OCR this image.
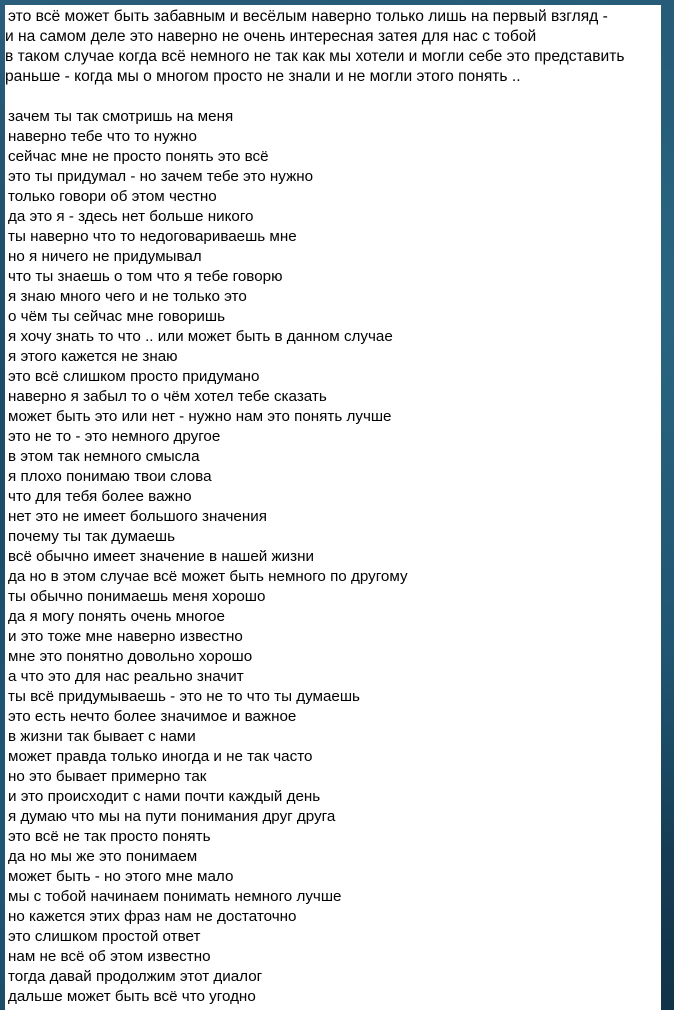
это всё может быть забавным и весёлым наверно только лишь на первый взгляд -
и на самом деле это наверно не очень интересная затея для нас с тобой
в таком случае когда всё немного не так как мы хотели и могли себе это представить
раньше - когда мы о многом просто не знали и не могли этого понять ..
зачем ты так смотришь на меня
наверно тебе что то нужно
сейчас мне не просто понять это всё
это ты придумал - но зачем тебе это нужно
только говори об этом честно
да это я - здесь нет больше никого
ты наверно что то недоговариваешь мне
но я ничего не придумывал
что ты знаешь о том что я тебе говорю
я знаю много чего и не только это
о чём ты сейчас мне говоришь
я хочу знать то что .. или может быть в данном случае
я этого кажется не знаю
это всё слишком просто придумано
наверно я забыл то о чём хотел тебе сказать
может быть это или нет - нужно нам это понять лучше
это не то - это немного другое
в этом так немного смысла
я плохо понимаю твои слова
что для тебя более важно
нет это не имеет большого значения
почему ты так думаешь
всё обычно имеет значение в нашей жизни
да но в этом случае всё может быть немного по другому
ты обычно понимаешь меня хорошо
да я могу понять очень многое
и это тоже мне наверно известно
мне это понятно довольно хорошо
а что это для нас реально значит
ты всё придумываешь - это не то что ты думаешь
это есть нечто более значимое и важное
в жизни так бывает с нами
может правда только иногда и не так часто
но это бывает примерно так
и это происходит с нами почти каждый день
я думаю что мы на пути понимания друг друга
это всё не так просто понять
да но мы же это понимаем
может быть - но этого мне мало
мы с тобой начинаем понимать немного лучше
но кажется этих фраз нам не достаточно
это слишком простой ответ
нам не всё об этом известно
тогда давай продолжим этот диалог
дальше может быть всё что угодно
